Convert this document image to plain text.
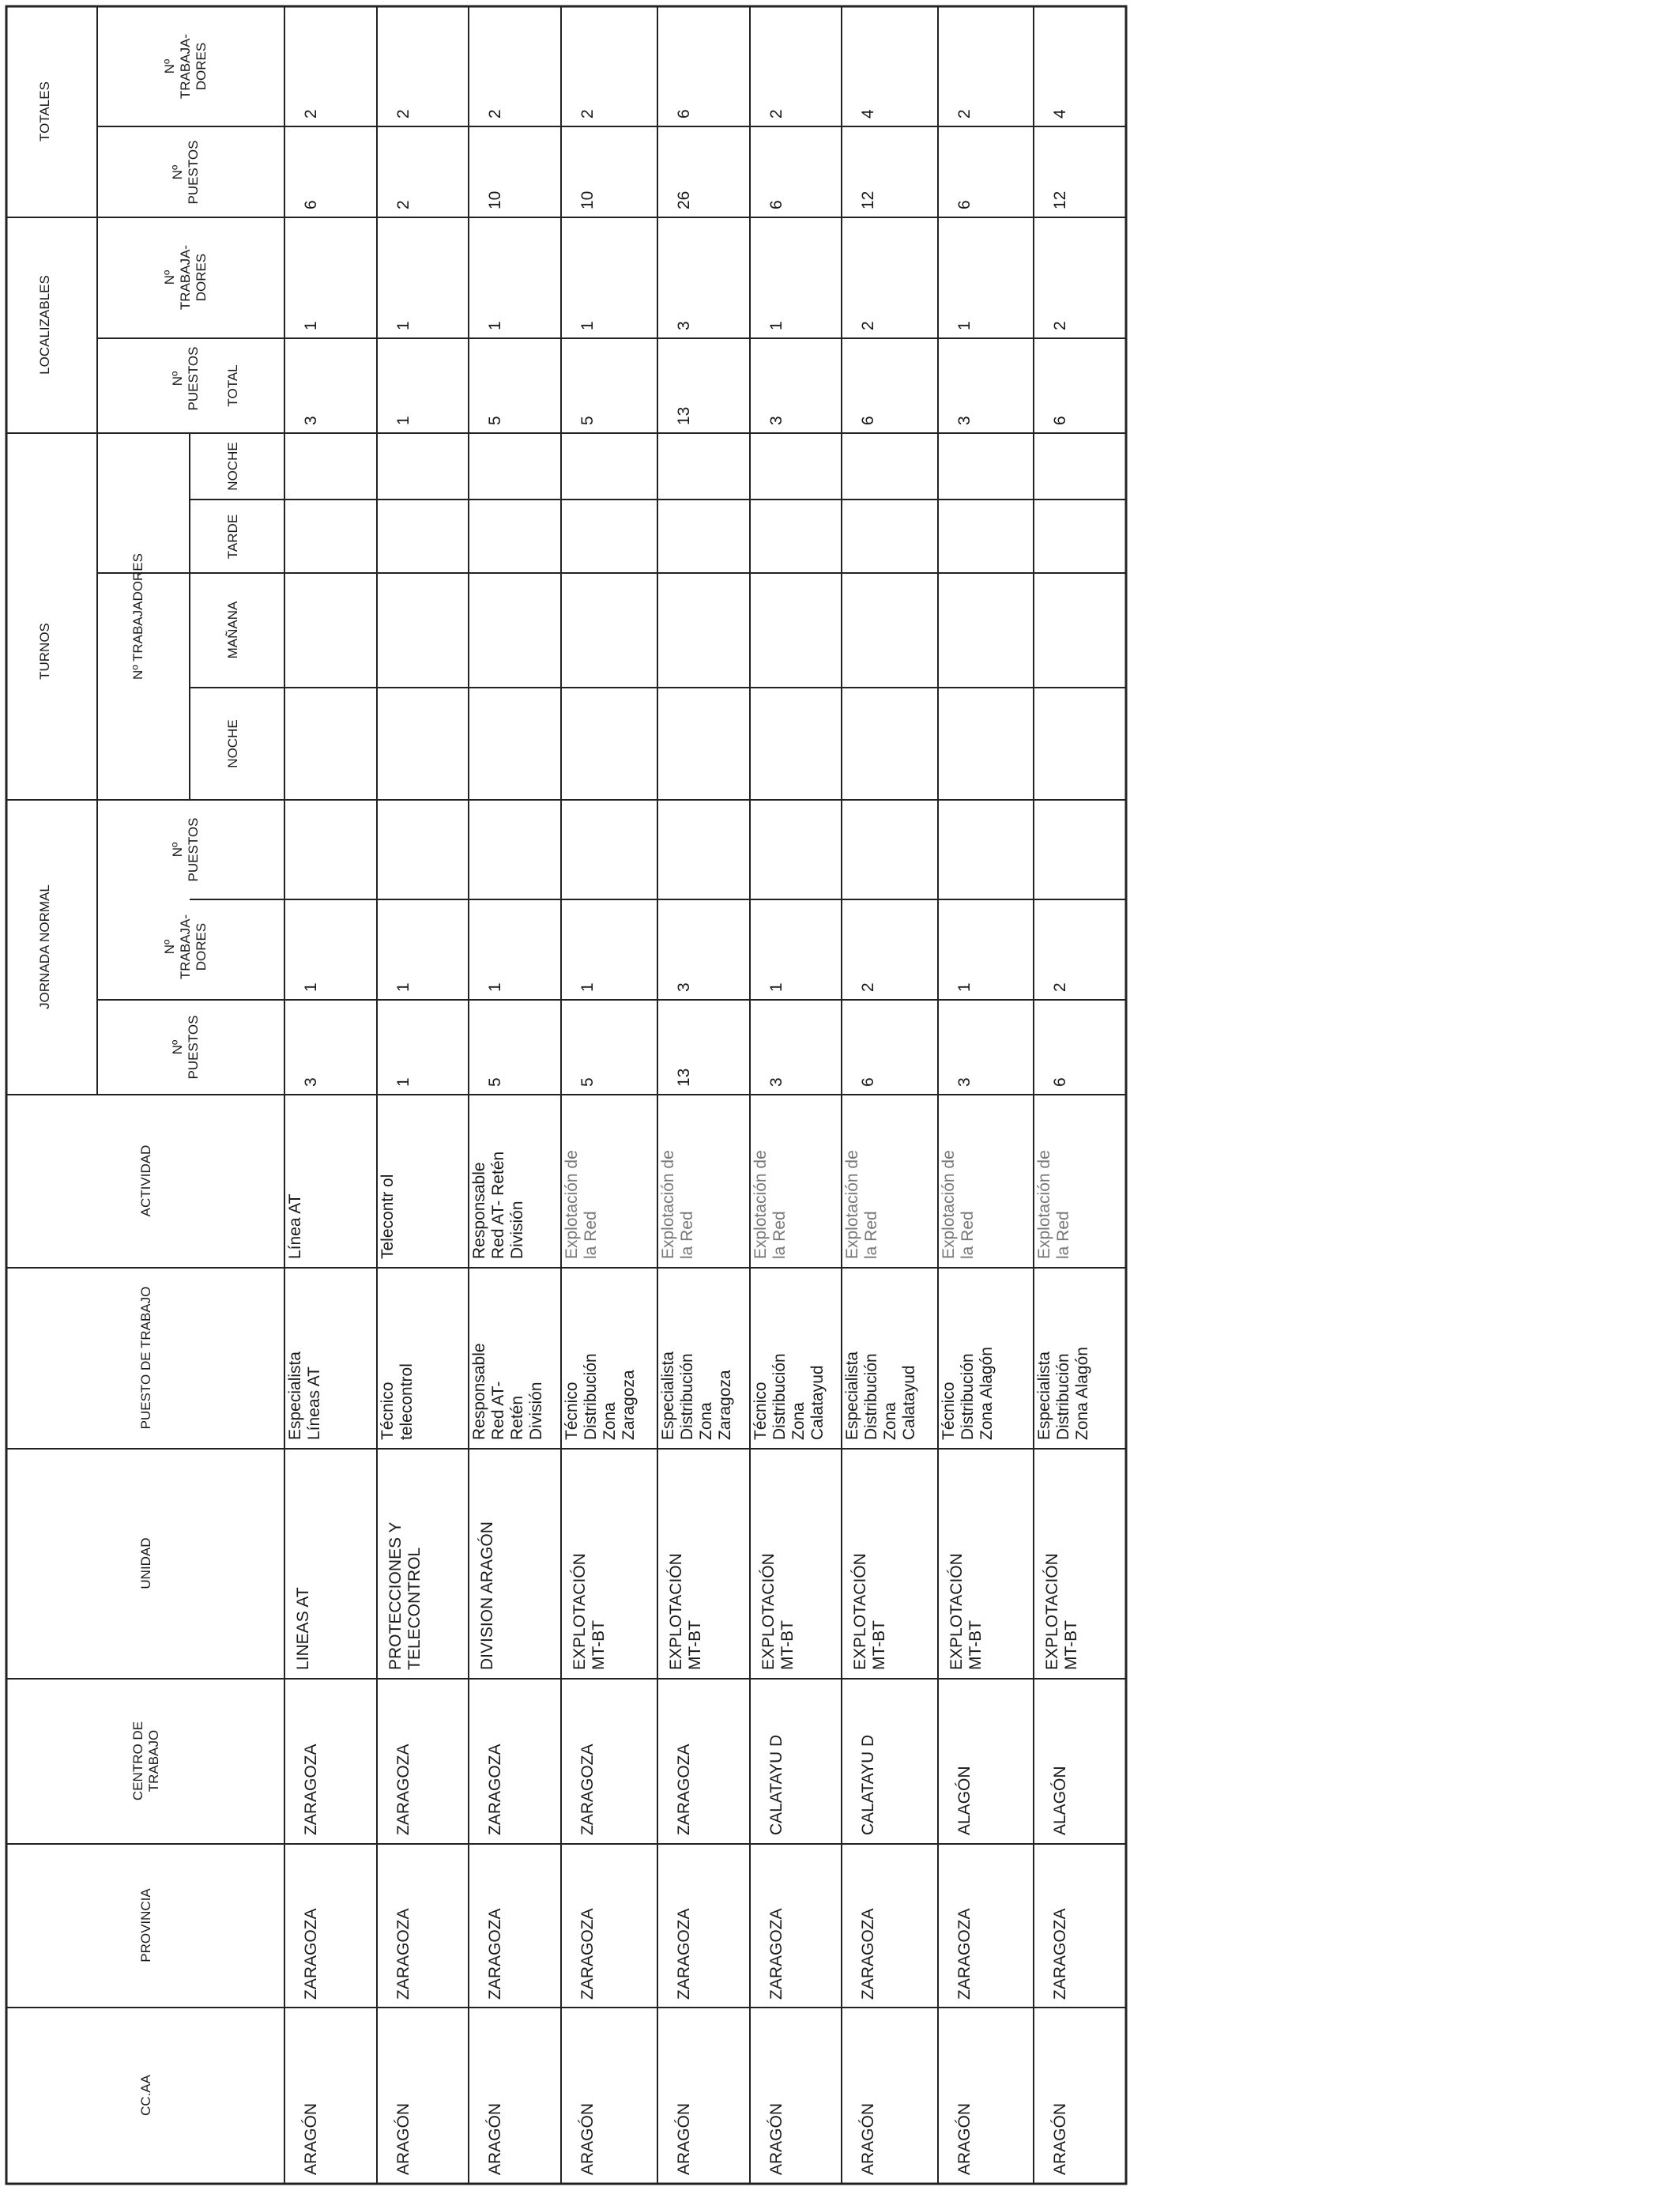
CC.AA
PROVINCIA
CENTRO DETRABAJO
UNIDAD
PUESTO DE TRABAJO
ACTIVIDAD
JORNADA NORMAL
TURNOS
LOCALIZABLES
TOTALES
NºPUESTOS
NºTRABAJA-DORES
NºPUESTOS
Nº TRABAJADORES
NOCHE
MAÑANA
TARDE
NOCHE
TOTAL
NºPUESTOS
NºTRABAJA-DORES
NºPUESTOS
NºTRABAJA-DORES
ARAGÓN
ZARAGOZA
ZARAGOZA
LINEAS AT
EspecialistaLíneas AT
Línea AT
3
1
3
1
6
2
ARAGÓN
ZARAGOZA
ZARAGOZA
PROTECCIONES YTELECONTROL
Técnicotelecontrol
Telecontr ol
1
1
1
1
2
2
ARAGÓN
ZARAGOZA
ZARAGOZA
DIVISION ARAGÓN
ResponsableRed AT-ReténDivisión
ResponsableRed AT- ReténDivisión
5
1
5
1
10
2
ARAGÓN
ZARAGOZA
ZARAGOZA
EXPLOTACIÓNMT-BT
TécnicoDistribuciónZonaZaragoza
Explotación dela Red
5
1
5
1
10
2
ARAGÓN
ZARAGOZA
ZARAGOZA
EXPLOTACIÓNMT-BT
EspecialistaDistribuciónZonaZaragoza
Explotación dela Red
13
3
13
3
26
6
ARAGÓN
ZARAGOZA
CALATAYU D
EXPLOTACIÓNMT-BT
TécnicoDistribuciónZonaCalatayud
Explotación dela Red
3
1
3
1
6
2
ARAGÓN
ZARAGOZA
CALATAYU D
EXPLOTACIÓNMT-BT
EspecialistaDistribuciónZonaCalatayud
Explotación dela Red
6
2
6
2
12
4
ARAGÓN
ZARAGOZA
ALAGÓN
EXPLOTACIÓNMT-BT
TécnicoDistribuciónZona Alagón
Explotación dela Red
3
1
3
1
6
2
ARAGÓN
ZARAGOZA
ALAGÓN
EXPLOTACIÓNMT-BT
EspecialistaDistribuciónZona Alagón
Explotación dela Red
6
2
6
2
12
4
